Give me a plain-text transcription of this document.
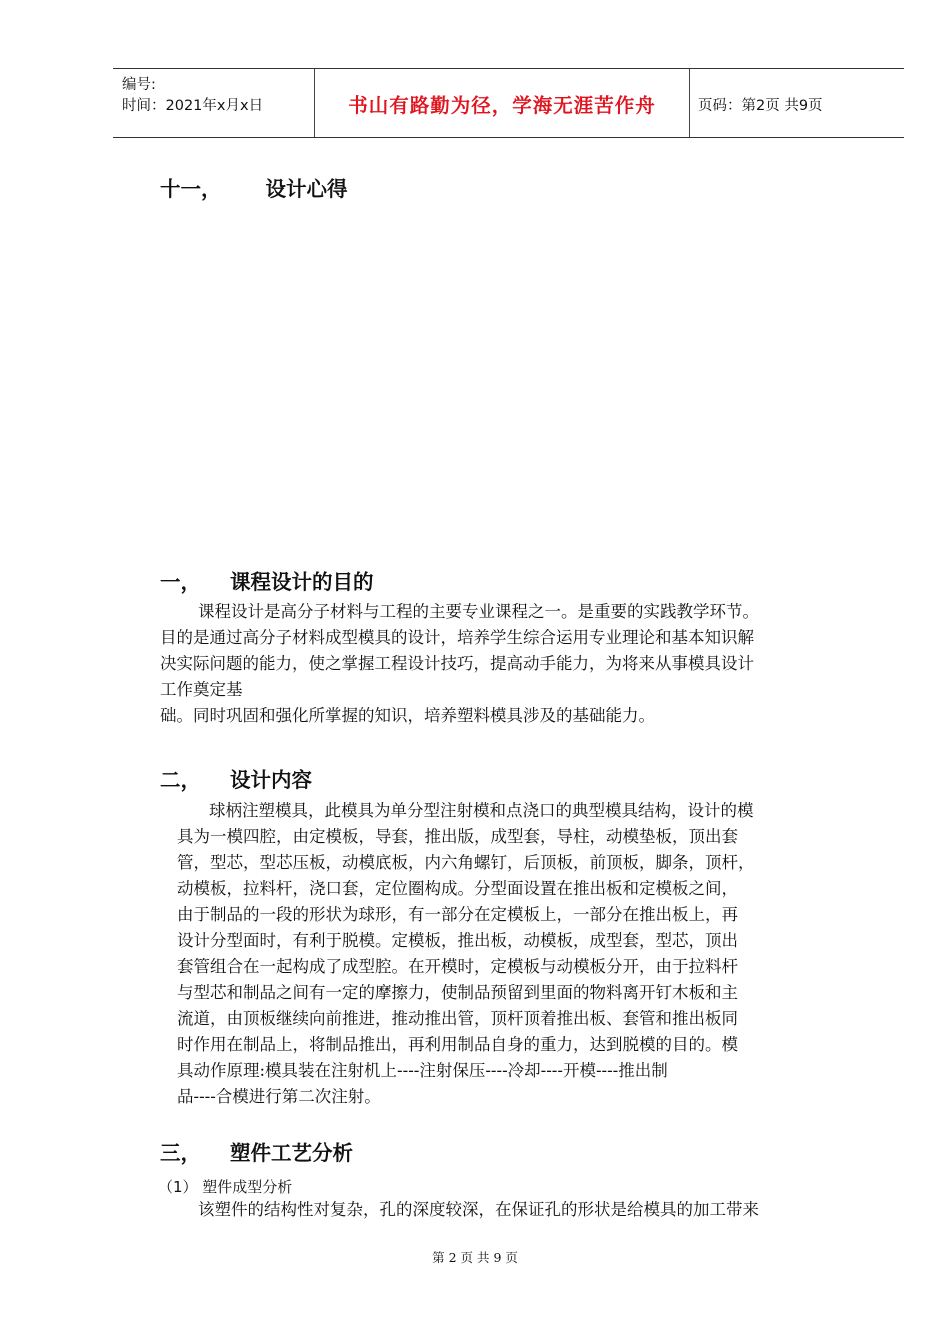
编号:
时间：2021年x月x日	书山有路勤为径，学海无涯苦作舟	页码：第2页 共9页
十一， 设计心得
一， 课程设计的目的
课程设计是高分子材料与工程的主要专业课程之一。是重要的实践教学环节。
目的是通过高分子材料成型模具的设计，培养学生综合运用专业理论和基本知识解
决实际问题的能力，使之掌握工程设计技巧，提高动手能力，为将来从事模具设计
工作奠定基
础。同时巩固和强化所掌握的知识，培养塑料模具涉及的基础能力。
二， 设计内容
球柄注塑模具，此模具为单分型注射模和点浇口的典型模具结构，设计的模
具为一模四腔，由定模板，导套，推出版，成型套，导柱，动模垫板，顶出套
管，型芯，型芯压板，动模底板，内六角螺钉，后顶板，前顶板，脚条，顶杆，
动模板，拉料杆，浇口套，定位圈构成。分型面设置在推出板和定模板之间，
由于制品的一段的形状为球形，有一部分在定模板上，一部分在推出板上，再
设计分型面时，有利于脱模。定模板，推出板，动模板，成型套，型芯，顶出
套管组合在一起构成了成型腔。在开模时，定模板与动模板分开，由于拉料杆
与型芯和制品之间有一定的摩擦力，使制品预留到里面的物料离开钉木板和主
流道，由顶板继续向前推进，推动推出管，顶杆顶着推出板、套管和推出板同
时作用在制品上，将制品推出，再利用制品自身的重力，达到脱模的目的。模
具动作原理:模具装在注射机上----注射保压----冷却----开模----推出制
品----合模进行第二次注射。
三， 塑件工艺分析
（1） 塑件成型分析
该塑件的结构性对复杂，孔的深度较深，在保证孔的形状是给模具的加工带来
第 2 页 共 9 页
